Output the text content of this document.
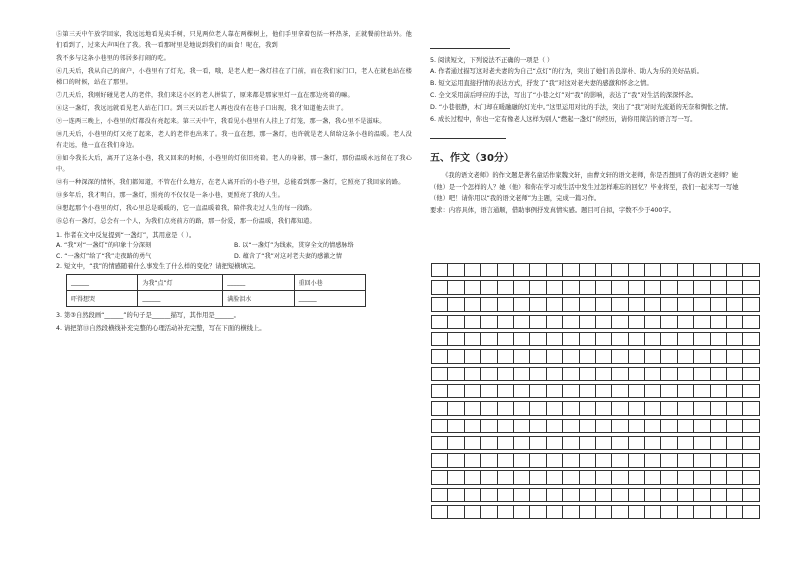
⑤第三天中午放学回家，我远远地看见卖手树，只见两位老人靠在两棵树上，他们手里拿着包括一杯热茶，正就餐前往站外。他们看到了，过来大声叫住了我。我一看那时里是地说到我们的面食！呢在，我到

我不多与这条小巷里的邻居多打闹的吃。

⑥几天后，我从自己的窗户，小巷里有了灯光，我一看，哦，是老人把一盏灯挂在了门前，而在我们家门口，老人在就也站在楼梯口的时候，站在了那里。

⑦几天后，我刚好碰见老人的老伴，我们来这小区的老人拼装了，原来都是那家里灯一直在那边亮着的嘛。

⑧这一盏灯，我远远就看见老人站在门口。到三天以后老人再也没有在巷子口出现，我才知道他去世了。

⑨一连两三晚上，小巷里的灯都没有亮起来。第三天中午，我看见小巷里有人挂上了灯笼，那一盏，我心里不是滋味。

⑩几天后，小巷里的灯又亮了起来，老人的老伴也出来了。我一直在想，那一盏灯，也许就是老人留给这条小巷的温暖。老人没有走远，他一直在我们身边。

⑪如今我长大后，离开了这条小巷，我又回来的时候，小巷里的灯依旧亮着。老人的身影，那一盏灯，那份温暖永远留在了我心中。

⑫有一种深深的情怀，我们都知道，不管在什么地方，在老人离开后的小巷子里，总能看到那一盏灯，它照亮了我回家的路。

⑬多年后，我才明白，那一盏灯，照亮的不仅仅是一条小巷，更照亮了我的人生。

⑭想起那个小巷里的灯，我心里总是暖暖的，它一直温暖着我，陪伴我走过人生的每一段路。

⑮总有一盏灯，总会有一个人，为我们点亮前方的路，那一份爱，那一份温暖，我们都知道。

1. 作者在文中反复提到“一盏灯”，其用意是（ ）。

A. “我”对“一盏灯”的印象十分深刻	B. 以“一盏灯”为线索，贯穿全文的情感脉络
C. “一盏灯”给了“我”走夜路的勇气	D. 蕴含了“我”对这对老夫妻的感激之情

2. 短文中，“我”的情感随着什么事发生了什么样的变化？请把短横填完。

______	为我“点”灯	______	重回小巷
吓得想哭	______	满脸泪水	______

3. 第③自然段画“______”的句子是______描写，其作用是______。

4. 请把第⑬自然段横线补充完整的心理活动补充完整，写在下面的横线上。

5. 阅读短文，下列说法不正确的一项是（ ）

A. 作者通过描写这对老夫妻的为自己“点灯”的行为，突出了她们善良淳朴、助人为乐的美好品质。

B. 短文运用直接抒情的表达方式，抒发了“我”对这对老夫妻的感激和怀念之情。

C. 全文采用前后呼应的手法，写出了“小巷之灯”对“我”的影响，表达了“我”对生活的深深怀念。

D. “小巷很静，木门却在暖融融的灯光中。”这里运用对比的手法，突出了“我”对时光流逝的无奈和惆怅之情。

6. 成长过程中，你也一定有像老人这样为别人“燃起一盏灯”的经历，请你用简洁的语言写一写。

五、作文（30分）

《我的语文老师》的作文题是著名童话作家魏文轩，由曹文轩的语文老师，你是否想到了你的语文老师？她（他）是一个怎样的人？她（他）和你在学习或生活中发生过怎样难忘的回忆？毕业将至，我们一起来写一写她（他）吧！请你用以“我的语文老师”为主题，完成一篇习作。

要求：内容具体，语言通顺，借助事例抒发真情实感。题目可自拟，字数不少于400字。
